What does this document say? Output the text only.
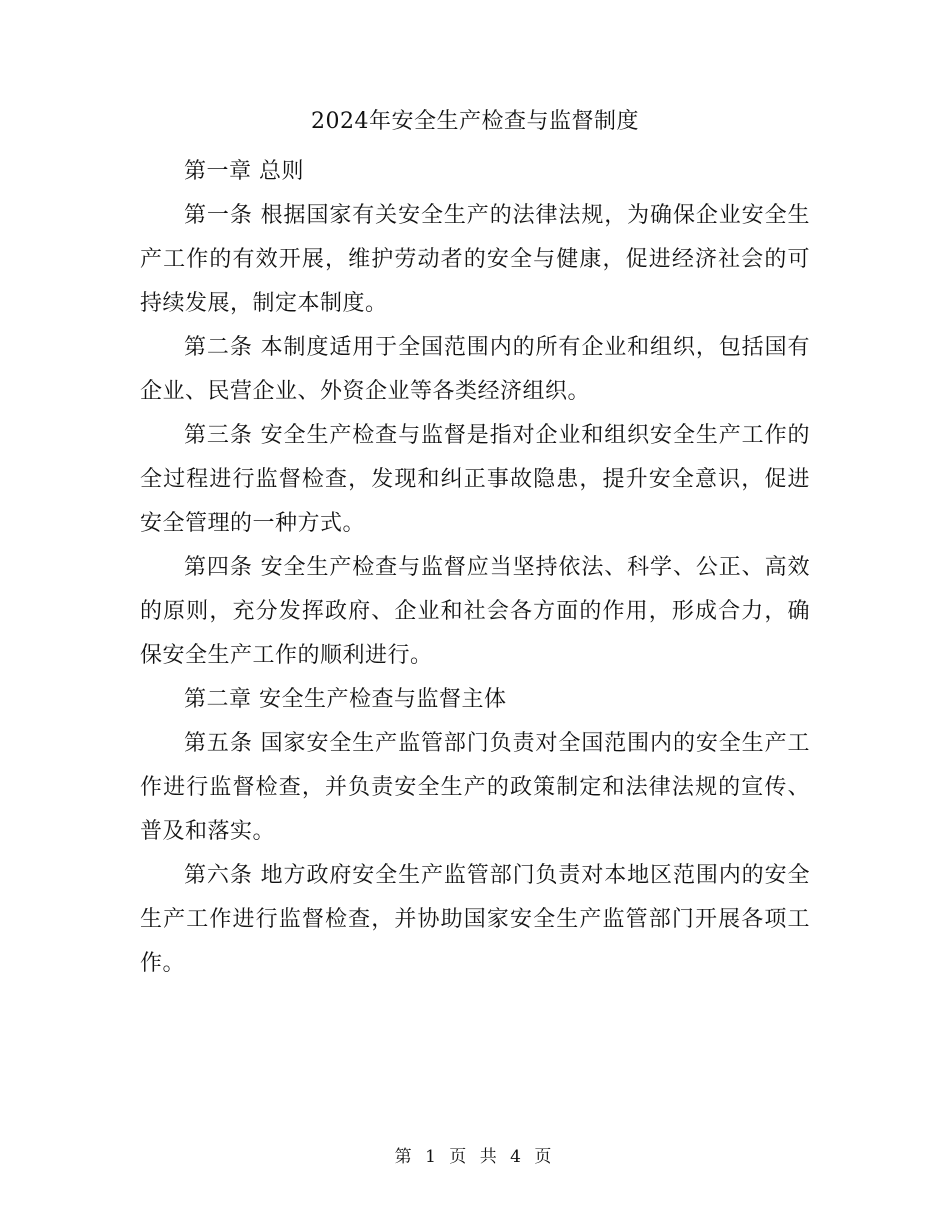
2024年安全生产检查与监督制度

第一章 总则

第一条 根据国家有关安全生产的法律法规，为确保企业安全生产工作的有效开展，维护劳动者的安全与健康，促进经济社会的可持续发展，制定本制度。

第二条 本制度适用于全国范围内的所有企业和组织，包括国有企业、民营企业、外资企业等各类经济组织。

第三条 安全生产检查与监督是指对企业和组织安全生产工作的全过程进行监督检查，发现和纠正事故隐患，提升安全意识，促进安全管理的一种方式。

第四条 安全生产检查与监督应当坚持依法、科学、公正、高效的原则，充分发挥政府、企业和社会各方面的作用，形成合力，确保安全生产工作的顺利进行。

第二章 安全生产检查与监督主体

第五条 国家安全生产监管部门负责对全国范围内的安全生产工作进行监督检查，并负责安全生产的政策制定和法律法规的宣传、普及和落实。

第六条 地方政府安全生产监管部门负责对本地区范围内的安全生产工作进行监督检查，并协助国家安全生产监管部门开展各项工作。

第 1 页 共 4 页
